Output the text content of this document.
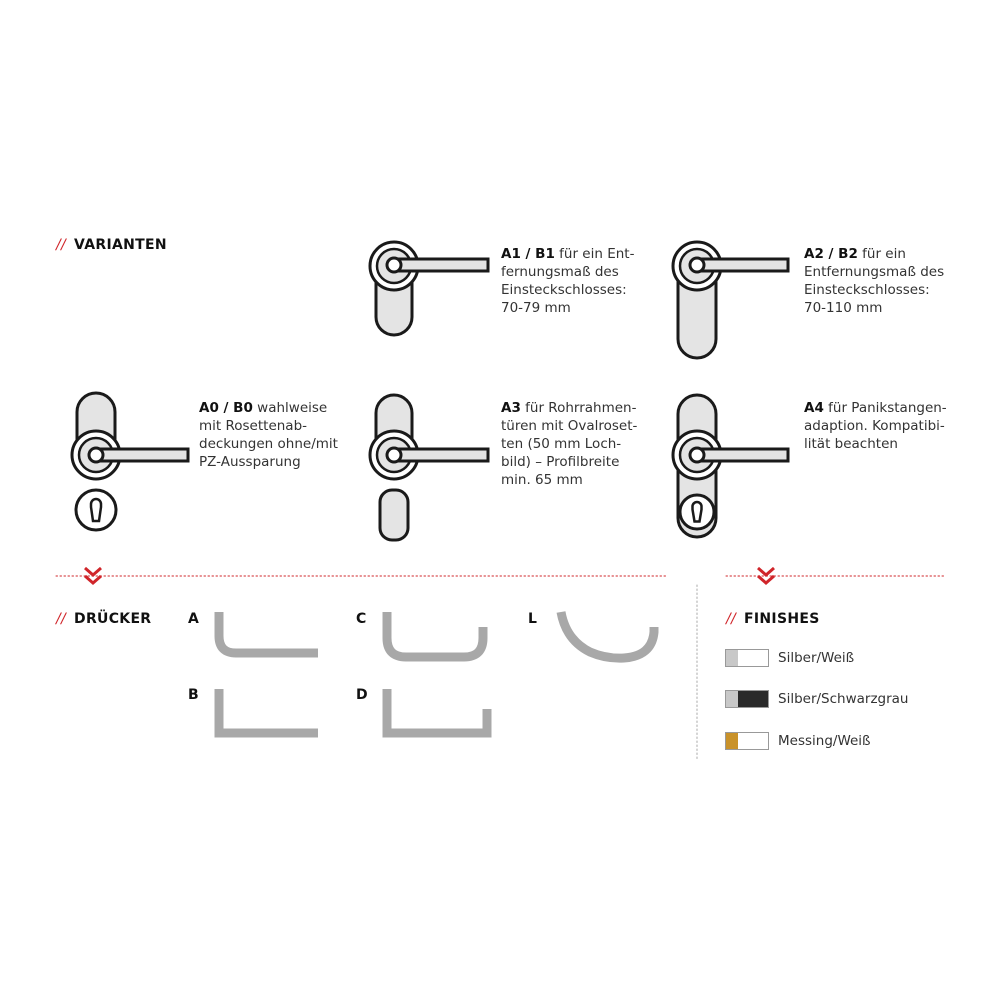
// VARIANTEN
// DRÜCKER	// FINISHES
A1 / B1 für ein Ent-
fernungsmaß des
Einsteckschlosses:
70-79 mm
A2 / B2 für ein
Entfernungsmaß des
Einsteckschlosses:
70-110 mm
A0 / B0 wahlweise
mit Rosettenab-
deckungen ohne/mit
PZ-Aussparung
A3 für Rohrrahmen-
türen mit Ovalroset-
ten (50 mm Loch-
bild) – Profilbreite
min. 65 mm
A4 für Panikstangen-
adaption. Kompatibi-
lität beachten
A
B
C
D
L
Silber/Weiß
Silber/Schwarzgrau
Messing/Weiß
